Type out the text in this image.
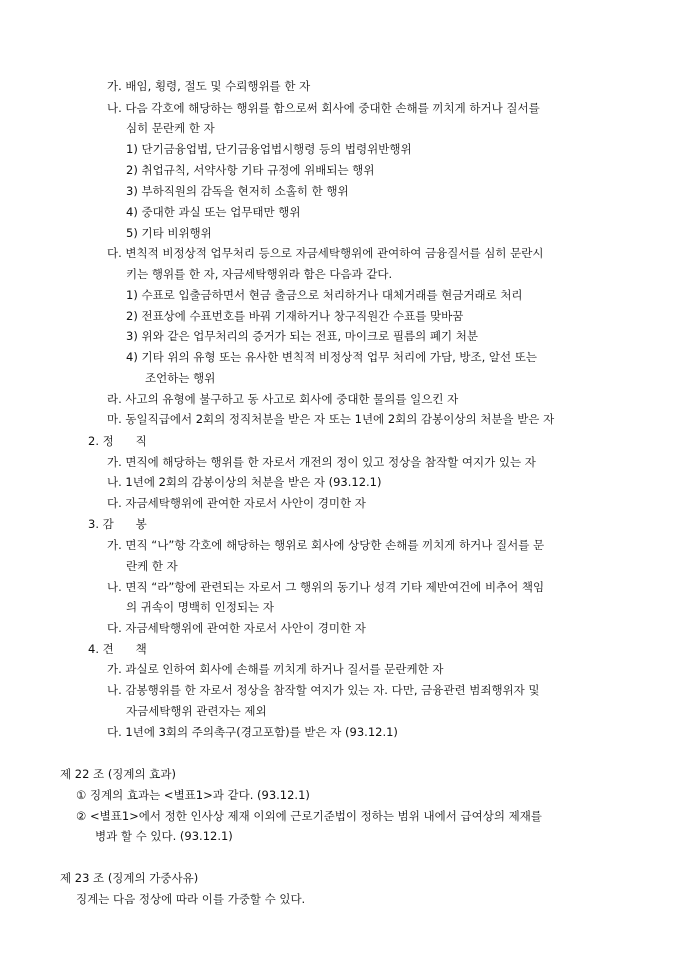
가. 배임, 횡령, 절도 및 수뢰행위를 한 자
나. 다음 각호에 해당하는 행위를 함으로써 회사에 중대한 손해를 끼치게 하거나 질서를
심히 문란케 한 자
1) 단기금융업법, 단기금융업법시행령 등의 법령위반행위
2) 취업규칙, 서약사항 기타 규정에 위배되는 행위
3) 부하직원의 감독을 현저히 소홀히 한 행위
4) 중대한 과실 또는 업무태만 행위
5) 기타 비위행위
다. 변칙적 비정상적 업무처리 등으로 자금세탁행위에 관여하여 금융질서를 심히 문란시
키는 행위를 한 자, 자금세탁행위라 함은 다음과 같다.
1) 수표로 입출금하면서 현금 출금으로 처리하거나 대체거래를 현금거래로 처리
2) 전표상에 수표번호를 바꿔 기재하거나 창구직원간 수표를 맞바꿈
3) 위와 같은 업무처리의 증거가 되는 전표, 마이크로 필름의 폐기 처분
4) 기타 위의 유형 또는 유사한 변칙적 비정상적 업무 처리에 가담, 방조, 알선 또는
조언하는 행위
라. 사고의 유형에 불구하고 동 사고로 회사에 중대한 물의를 일으킨 자
마. 동일직급에서 2회의 정직처분을 받은 자 또는 1년에 2회의 감봉이상의 처분을 받은 자
2. 정      직
가. 면직에 해당하는 행위를 한 자로서 개전의 정이 있고 정상을 참작할 여지가 있는 자
나. 1년에 2회의 감봉이상의 처분을 받은 자 (93.12.1)
다. 자금세탁행위에 관여한 자로서 사안이 경미한 자
3. 감      봉
가. 면직 “나”항 각호에 해당하는 행위로 회사에 상당한 손해를 끼치게 하거나 질서를 문
란케 한 자
나. 면직 “라”항에 관련되는 자로서 그 행위의 동기나 성격 기타 제반여건에 비추어 책임
의 귀속이 명백히 인정되는 자
다. 자금세탁행위에 관여한 자로서 사안이 경미한 자
4. 견      책
가. 과실로 인하여 회사에 손해를 끼치게 하거나 질서를 문란케한 자
나. 감봉행위를 한 자로서 정상을 참작할 여지가 있는 자. 다만, 금융관련 범죄행위자 및
자금세탁행위 관련자는 제외
다. 1년에 3회의 주의촉구(경고포함)를 받은 자 (93.12.1)
제 22 조 (징계의 효과)
① 징계의 효과는 <별표1>과 같다. (93.12.1)
② <별표1>에서 정한 인사상 제재 이외에 근로기준법이 정하는 범위 내에서 급여상의 제재를
병과 할 수 있다. (93.12.1)
제 23 조 (징계의 가중사유)
징계는 다음 정상에 따라 이를 가중할 수 있다.
